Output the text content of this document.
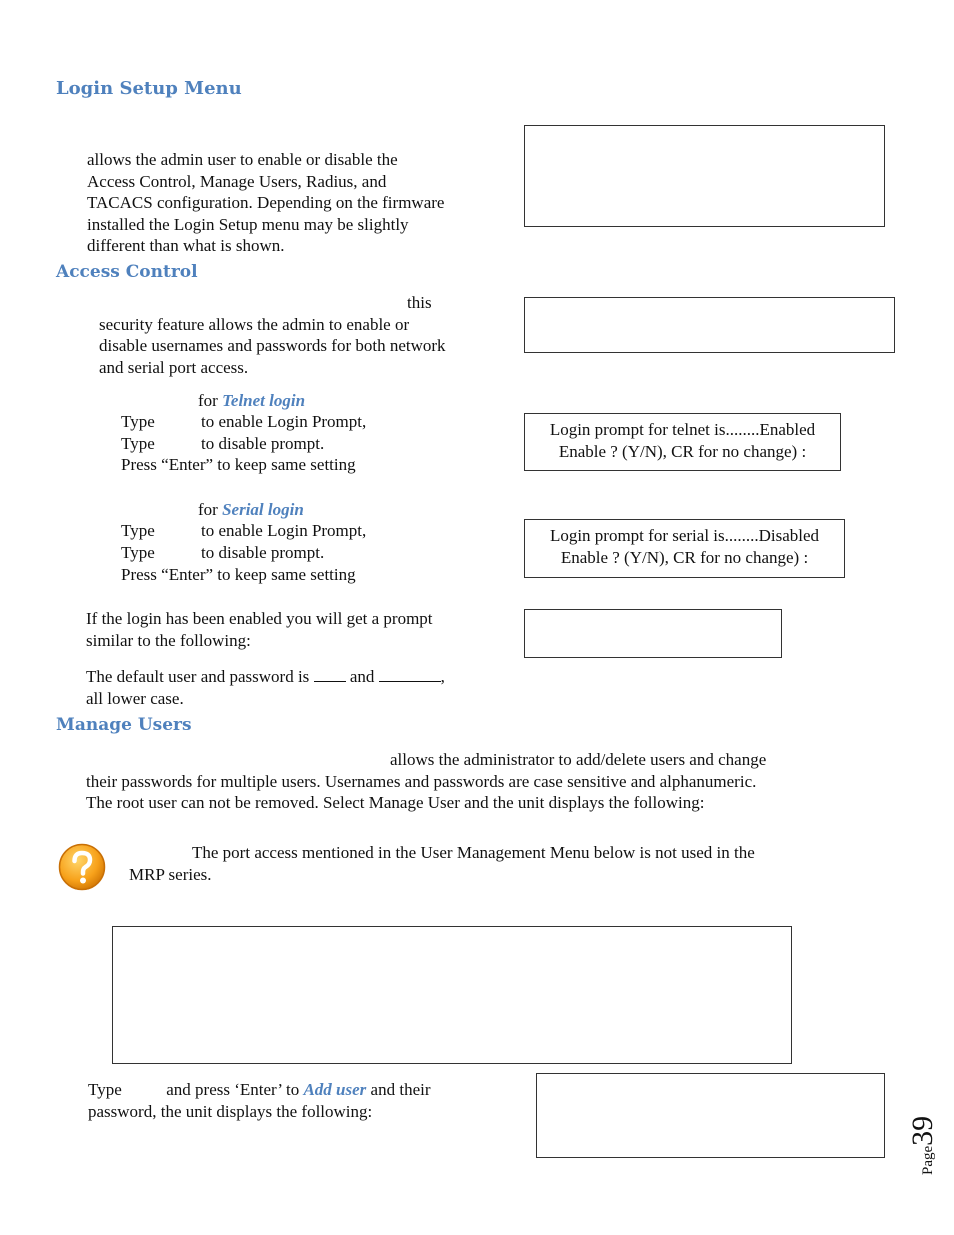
Login Setup Menu
allows the admin user to enable or disable the
Access Control, Manage Users, Radius, and
TACACS configuration. Depending on the firmware
installed the Login Setup menu may be slightly
different than what is shown.
Access Control
this
security feature allows the admin to enable or
disable usernames and passwords for both network
and serial port access.
for Telnet login
Type	to enable Login Prompt,
Type	to disable prompt.
Press “Enter” to keep same setting
Login prompt for telnet is........Enabled
Enable ? (Y/N), CR for no change) :
for Serial login
Type	to enable Login Prompt,
Type	to disable prompt.
Press “Enter” to keep same setting
Login prompt for serial is........Disabled
Enable ? (Y/N), CR for no change) :
If the login has been enabled you will get a prompt
similar to the following:
The default user and password is and	,
all lower case.
Manage Users
allows the administrator to add/delete users and change
their passwords for multiple users. Usernames and passwords are case sensitive and alphanumeric.
The root user can not be removed. Select Manage User and the unit displays the following:
The port access mentioned in the User Management Menu below is not used in the
MRP series.
Type	and press ‘Enter’ to Add user and their
password, the unit displays the following:
Page39
